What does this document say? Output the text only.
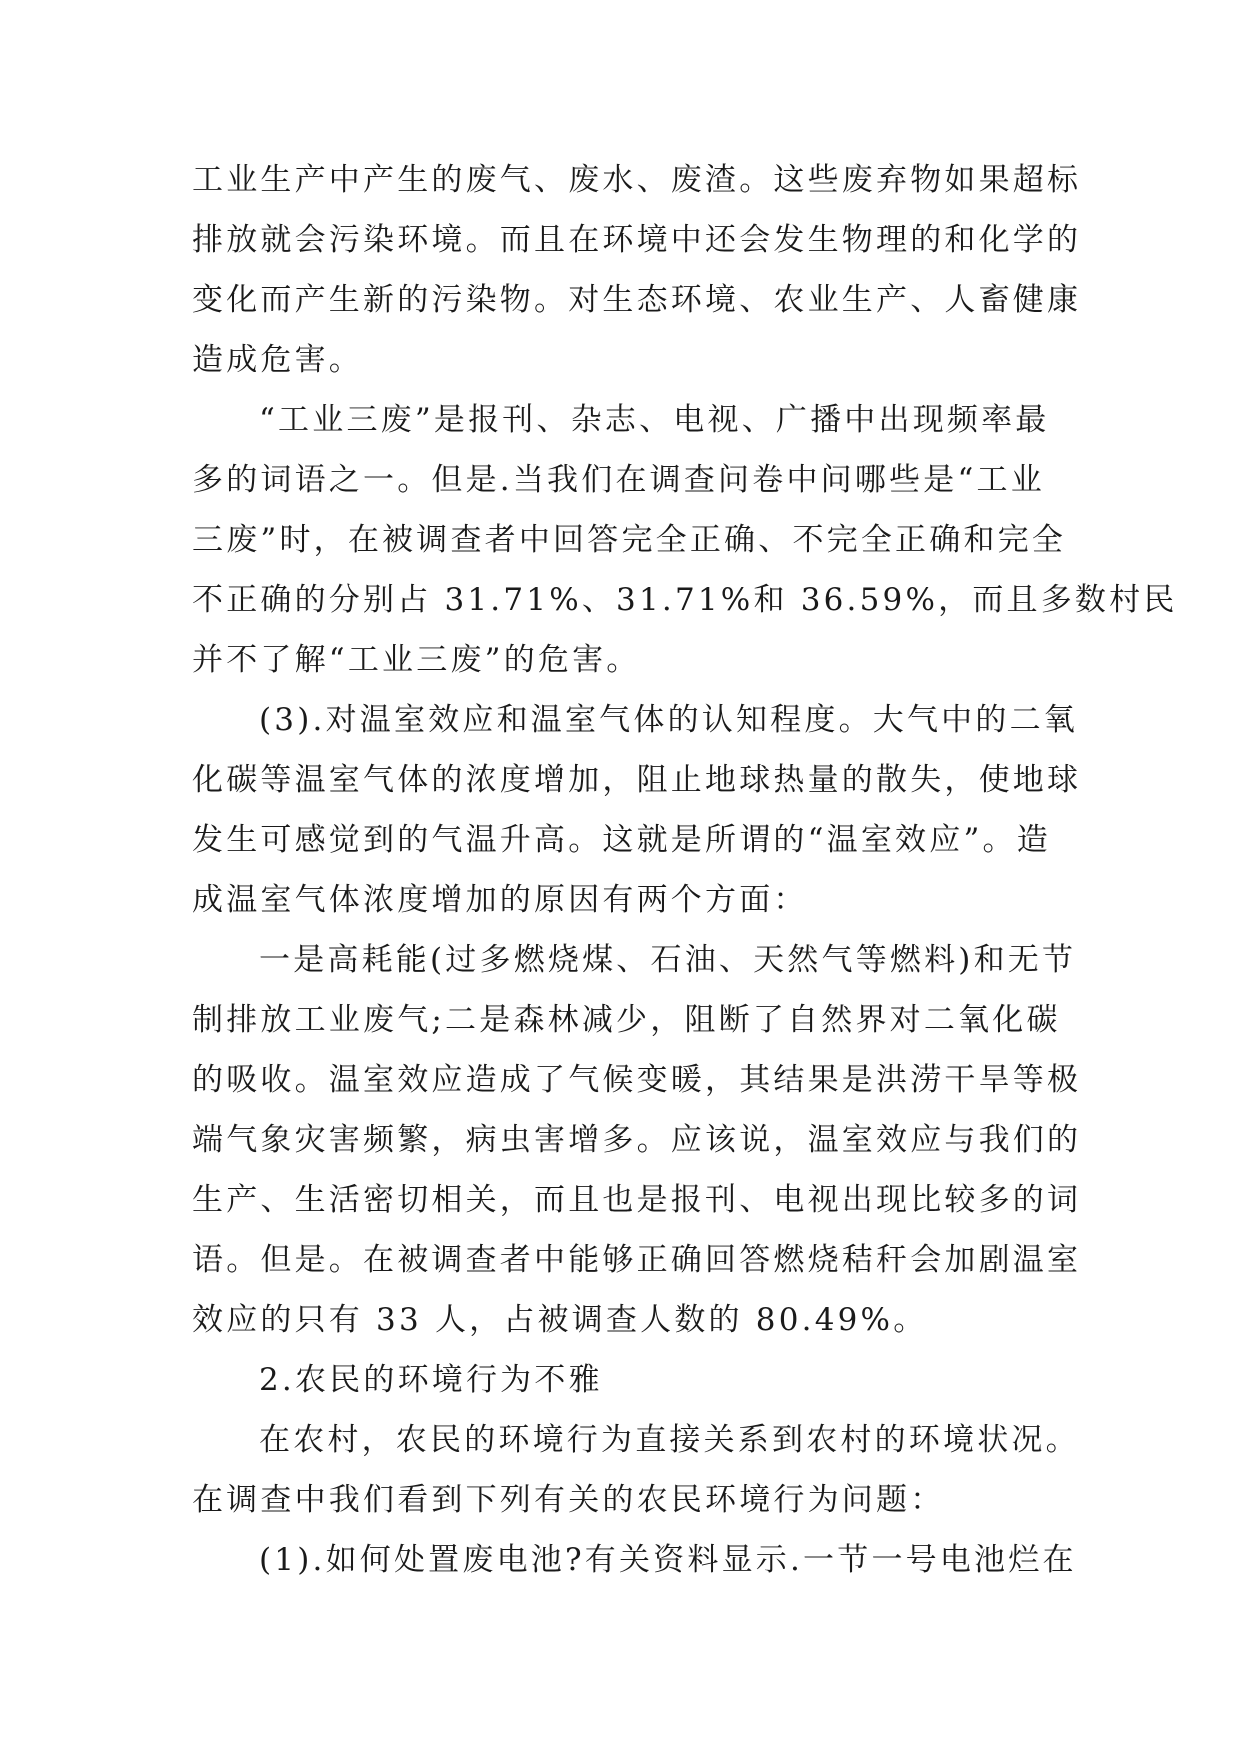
工业生产中产生的废气、废水、废渣。这些废弃物如果超标
排放就会污染环境。而且在环境中还会发生物理的和化学的
变化而产生新的污染物。对生态环境、农业生产、人畜健康
造成危害。
“工业三废”是报刊、杂志、电视、广播中出现频率最
多的词语之一。但是.当我们在调查问卷中问哪些是“工业
三废”时，在被调查者中回答完全正确、不完全正确和完全
不正确的分别占 31.71%、31.71%和 36.59%，而且多数村民
并不了解“工业三废”的危害。
(3).对温室效应和温室气体的认知程度。大气中的二氧
化碳等温室气体的浓度增加，阻止地球热量的散失，使地球
发生可感觉到的气温升高。这就是所谓的“温室效应”。造
成温室气体浓度增加的原因有两个方面：
一是高耗能(过多燃烧煤、石油、天然气等燃料)和无节
制排放工业废气;二是森林减少，阻断了自然界对二氧化碳
的吸收。温室效应造成了气候变暖，其结果是洪涝干旱等极
端气象灾害频繁，病虫害增多。应该说，温室效应与我们的
生产、生活密切相关，而且也是报刊、电视出现比较多的词
语。但是。在被调查者中能够正确回答燃烧秸秆会加剧温室
效应的只有 33 人，占被调查人数的 80.49%。
2.农民的环境行为不雅
在农村，农民的环境行为直接关系到农村的环境状况。
在调查中我们看到下列有关的农民环境行为问题：
(1).如何处置废电池?有关资料显示.一节一号电池烂在
